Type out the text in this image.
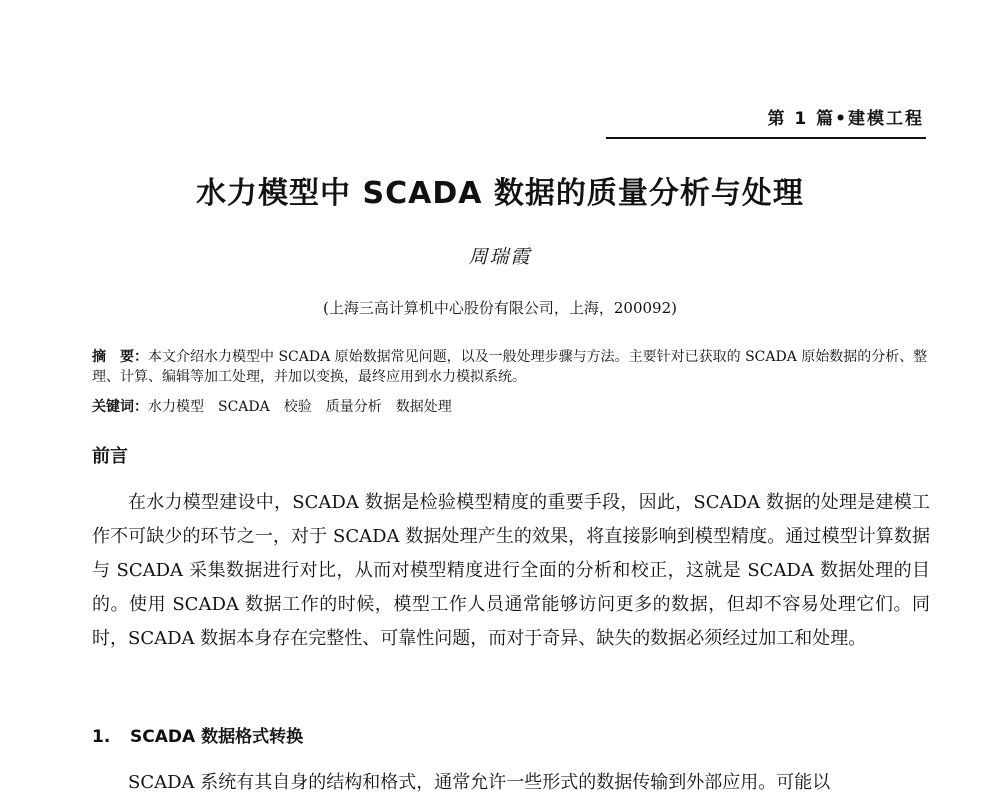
第 1 篇•建模工程
水力模型中 SCADA 数据的质量分析与处理
周瑞霞
(上海三高计算机中心股份有限公司，上海，200092)
摘　要：本文介绍水力模型中 SCADA 原始数据常见问题，以及一般处理步骤与方法。主要针对已获取的 SCADA 原始数据的分析、整理、计算、编辑等加工处理，并加以变换，最终应用到水力模拟系统。
关键词：水力模型　SCADA　校验　质量分析　数据处理
前言

在水力模型建设中，SCADA 数据是检验模型精度的重要手段，因此，SCADA 数据的处理是建模工作不可缺少的环节之一，对于 SCADA 数据处理产生的效果，将直接影响到模型精度。通过模型计算数据与 SCADA 采集数据进行对比，从而对模型精度进行全面的分析和校正，这就是 SCADA 数据处理的目的。使用 SCADA 数据工作的时候，模型工作人员通常能够访问更多的数据，但却不容易处理它们。同时，SCADA 数据本身存在完整性、可靠性问题，而对于奇异、缺失的数据必须经过加工和处理。

1. SCADA 数据格式转换

SCADA 系统有其自身的结构和格式，通常允许一些形式的数据传输到外部应用。可能以
